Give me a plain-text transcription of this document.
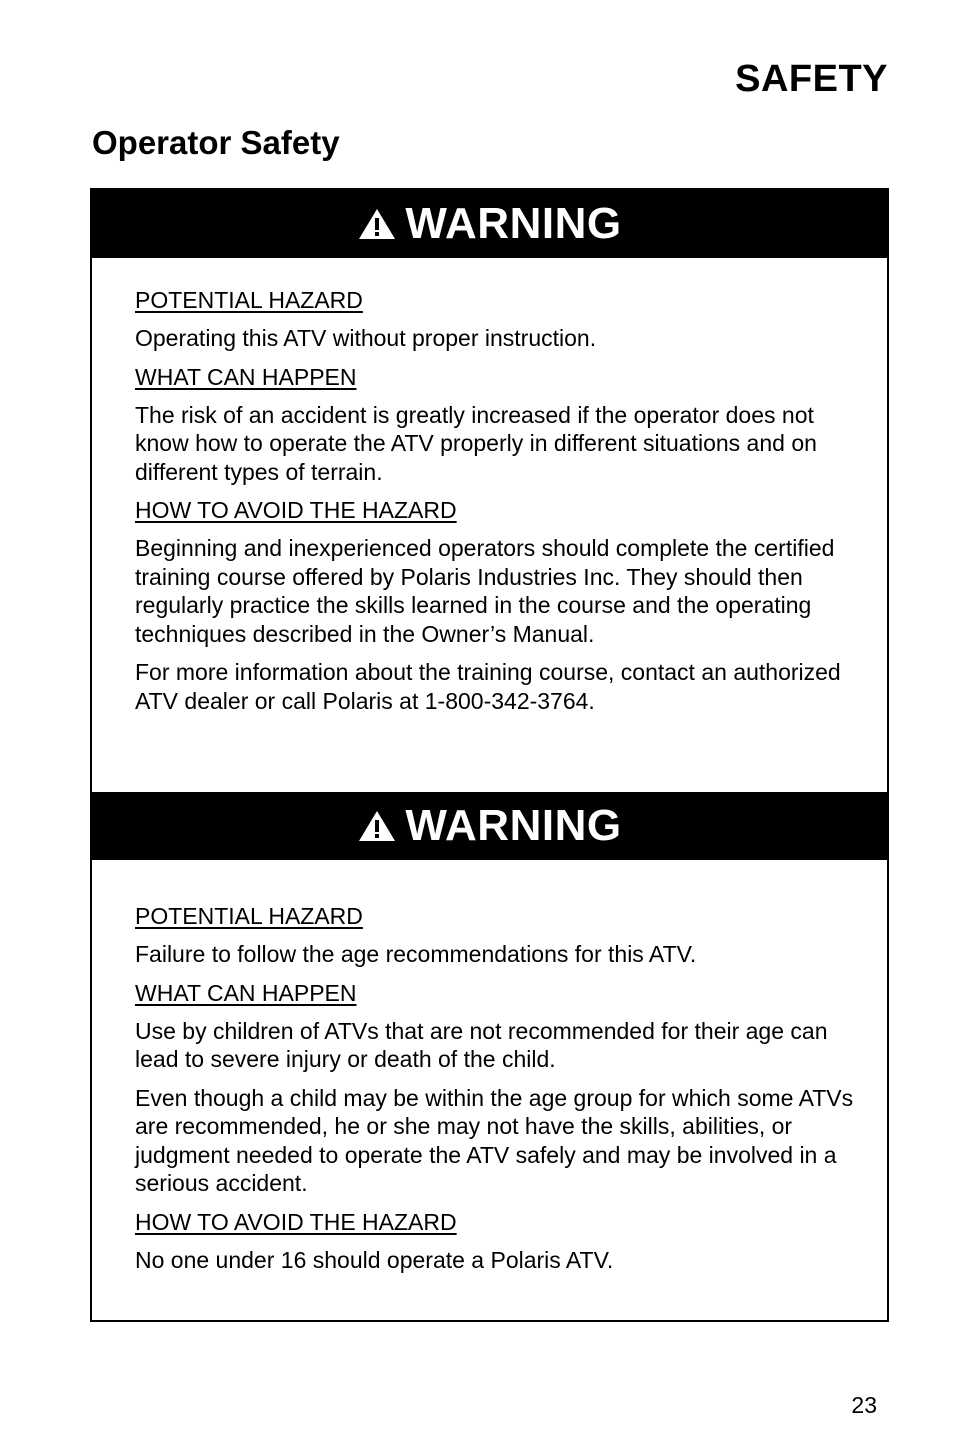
SAFETY
Operator Safety
WARNING
POTENTIAL HAZARD

Operating this ATV without proper instruction.

WHAT CAN HAPPEN

The risk of an accident is greatly increased if the operator does not know how to operate the ATV properly in different situations and on different types of terrain.

HOW TO AVOID THE HAZARD

Beginning and inexperienced operators should complete the certified training course offered by Polaris Industries Inc. They should then regularly practice the skills learned in the course and the operating techniques described in the Owner’s Manual.

For more information about the training course, contact an authorized ATV dealer or call Polaris at 1-800-342-3764.

WARNING
POTENTIAL HAZARD

Failure to follow the age recommendations for this ATV.

WHAT CAN HAPPEN

Use by children of ATVs that are not recommended for their age can lead to severe injury or death of the child.

Even though a child may be within the age group for which some ATVs are recommended, he or she may not have the skills, abilities, or judgment needed to operate the ATV safely and may be involved in a serious accident.

HOW TO AVOID THE HAZARD

No one under 16 should operate a Polaris ATV.

23
